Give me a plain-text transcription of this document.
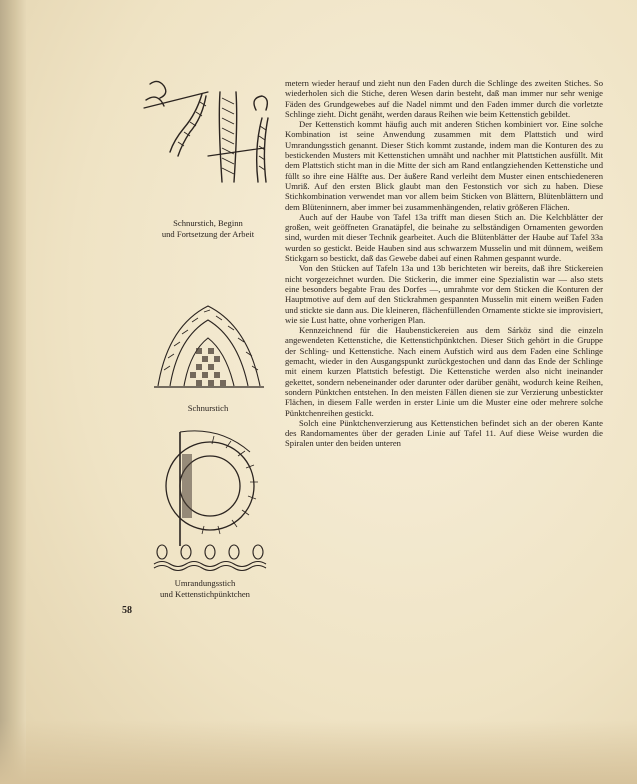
Schnurstich, Beginn
und Fortsetzung der Arbeit

Schnurstich

Umrandungsstich
und Kettenstichpünktchen

metern wieder herauf und zieht nun den Faden durch die Schlinge des zweiten Stiches. So wiederholen sich die Stiche, deren Wesen darin besteht, daß man immer nur sehr wenige Fäden des Grundgewebes auf die Nadel nimmt und den Faden immer durch die vorletzte Schlinge zieht. Dicht genäht, werden daraus Reihen wie beim Kettenstich gebildet.

Der Kettenstich kommt häufig auch mit anderen Stichen kombiniert vor. Eine solche Kombination ist seine Anwendung zusammen mit dem Plattstich und wird Umrandungsstich genannt. Dieser Stich kommt zustande, indem man die Konturen des zu bestickenden Musters mit Kettenstichen umnäht und nachher mit Plattstichen ausfüllt. Mit dem Plattstich sticht man in die Mitte der sich am Rand entlangziehenden Kettenstiche und füllt so ihre eine Hälfte aus. Der äußere Rand verleiht dem Muster einen entschiedeneren Umriß. Auf den ersten Blick glaubt man den Festonstich vor sich zu haben. Diese Stichkombination verwendet man vor allem beim Sticken von Blättern, Blütenblättern und dem Blüteninnern, aber immer bei zusammenhängenden, relativ größeren Flächen.

Auch auf der Haube von Tafel 13a trifft man diesen Stich an. Die Kelchblätter der großen, weit geöffneten Granatäpfel, die beinahe zu selbständigen Ornamenten geworden sind, wurden mit dieser Technik gearbeitet. Auch die Blütenblätter der Haube auf Tafel 33a wurden so gestickt. Beide Hauben sind aus schwarzem Musselin und mit dünnem, weißem Stickgarn so bestickt, daß das Gewebe dabei auf einen Rahmen gespannt wurde.

Von den Stücken auf Tafeln 13a und 13b berichteten wir bereits, daß ihre Stickereien nicht vorgezeichnet wurden. Die Stickerin, die immer eine Spezialistin war — also stets eine besonders begabte Frau des Dorfes —, umrahmte vor dem Sticken die Konturen der Hauptmotive auf dem auf den Stickrahmen gespannten Musselin mit einem weißen Faden und stickte sie dann aus. Die kleineren, flächenfüllenden Ornamente stickte sie improvisiert, wie sie Lust hatte, ohne vorherigen Plan.

Kennzeichnend für die Haubenstickereien aus dem Sárköz sind die einzeln angewendeten Kettenstiche, die Kettenstichpünktchen. Dieser Stich gehört in die Gruppe der Schling- und Kettenstiche. Nach einem Aufstich wird aus dem Faden eine Schlinge gemacht, wieder in den Ausgangspunkt zurückgestochen und dann das Ende der Schlinge mit einem kurzen Plattstich befestigt. Die Kettenstiche werden also nicht ineinander gekettet, sondern nebeneinander oder darunter oder darüber genäht, wodurch keine Reihen, sondern Pünktchen entstehen. In den meisten Fällen dienen sie zur Verzierung unbestickter Flächen, in diesem Falle werden in erster Linie um die Muster eine oder mehrere solche Pünktchenreihen gestickt.

Solch eine Pünktchenverzierung aus Kettenstichen befindet sich an der oberen Kante des Randornamentes über der geraden Linie auf Tafel 11. Auf diese Weise wurden die Spiralen unter den beiden unteren

58
